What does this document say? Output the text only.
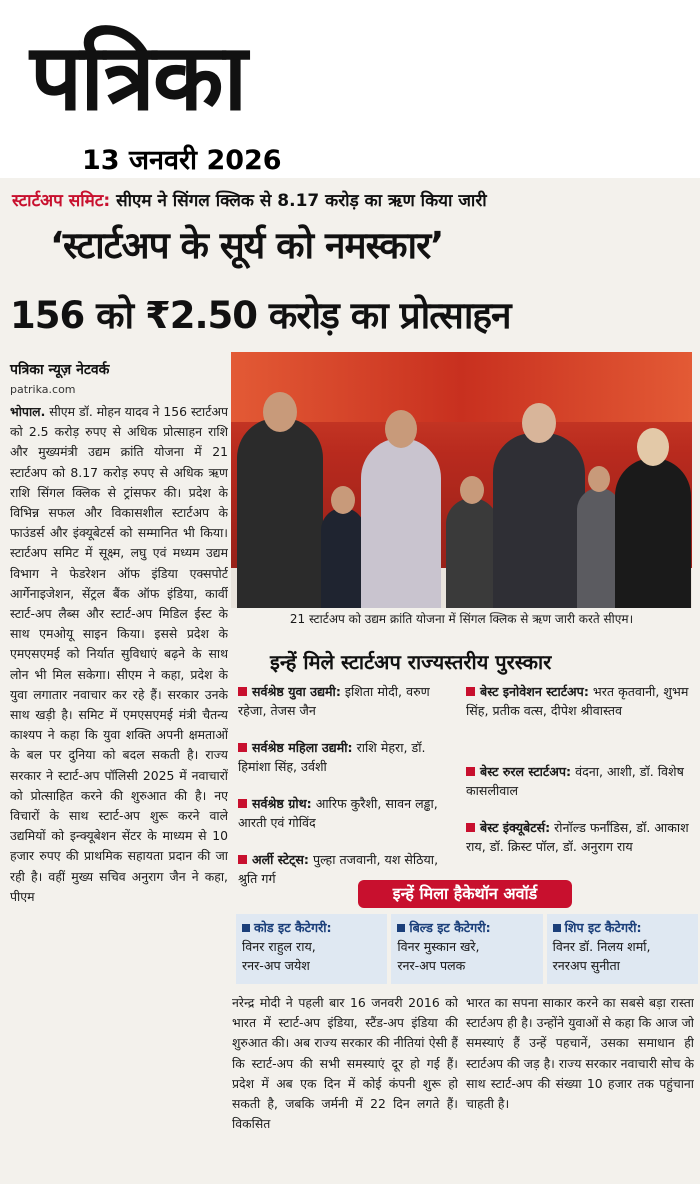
पत्रिका
13 जनवरी 2026
स्टार्टअप समिट: सीएम ने सिंगल क्लिक से 8.17 करोड़ का ऋण किया जारी
‘स्टार्टअप के सूर्य को नमस्कार’
156 को ₹2.50 करोड़ का प्रोत्साहन
पत्रिका न्यूज़ नेटवर्क
patrika.com
भोपाल. सीएम डॉ. मोहन यादव ने 156 स्टार्टअप को 2.5 करोड़ रुपए से अधिक प्रोत्साहन राशि और मुख्यमंत्री उद्यम क्रांति योजना में 21 स्टार्टअप को 8.17 करोड़ रुपए से अधिक ऋण राशि सिंगल क्लिक से ट्रांसफर की। प्रदेश के विभिन्न सफल और विकासशील स्टार्टअप के फाउंडर्स और इंक्यूबेटर्स को सम्मानित भी किया। स्टार्टअप समिट में सूक्ष्म, लघु एवं मध्यम उद्यम विभाग ने फेडरेशन ऑफ इंडिया एक्सपोर्ट आर्गेनाइजेशन, सेंट्रल बैंक ऑफ इंडिया, कार्वी स्टार्ट-अप लैब्स और स्टार्ट-अप मिडिल ईस्ट के साथ एमओयू साइन किया। इससे प्रदेश के एमएसएमई को निर्यात सुविधाएं बढ़ने के साथ लोन भी मिल सकेगा। सीएम ने कहा, प्रदेश के युवा लगातार नवाचार कर रहे हैं। सरकार उनके साथ खड़ी है। समिट में एमएसएमई मंत्री चैतन्य काश्यप ने कहा कि युवा शक्ति अपनी क्षमताओं के बल पर दुनिया को बदल सकती है। राज्य सरकार ने स्टार्ट-अप पॉलिसी 2025 में नवाचारों को प्रोत्साहित करने की शुरुआत की है। नए विचारों के साथ स्टार्ट-अप शुरू करने वाले उद्यमियों को इन्क्यूबेशन सेंटर के माध्यम से 10 हजार रुपए की प्राथमिक सहायता प्रदान की जा रही है। वहीं मुख्य सचिव अनुराग जैन ने कहा, पीएम
21 स्टार्टअप को उद्यम क्रांति योजना में सिंगल क्लिक से ऋण जारी करते सीएम।
इन्हें मिले स्टार्टअप राज्यस्तरीय पुरस्कार
सर्वश्रेष्ठ युवा उद्यमी: इशिता मोदी, वरुण रहेजा, तेजस जैन
सर्वश्रेष्ठ महिला उद्यमी: राशि मेहरा, डॉ. हिमांशा सिंह, उर्वशी
सर्वश्रेष्ठ ग्रोथ: आरिफ कुरैशी, सावन लड्ढा, आरती एवं गोविंद
अर्ली स्टेट्स: पुल्हा तजवानी, यश सेठिया, श्रुति गर्ग
बेस्ट इनोवेशन स्टार्टअप: भरत कृतवानी, शुभम सिंह, प्रतीक वत्स, दीपेश श्रीवास्तव
बेस्ट रुरल स्टार्टअप: वंदना, आशी, डॉ. विशेष कासलीवाल
बेस्ट इंक्यूबेटर्स: रोनॉल्ड फर्नांडिस, डॉ. आकाश राय, डॉ. क्रिस्ट पॉल, डॉ. अनुराग राय
इन्हें मिला हैकेथॉन अवॉर्ड
कोड इट कैटेगरी:
विनर राहुल राय,
रनर-अप जयेश
बिल्ड इट कैटेगरी:
विनर मुस्कान खरे,
रनर-अप पलक
शिप इट कैटेगरी:
विनर डॉ. निलय शर्मा,
रनरअप सुनीता
नरेन्द्र मोदी ने पहली बार 16 जनवरी 2016 को भारत में स्टार्ट-अप इंडिया, स्टैंड-अप इंडिया की शुरुआत की। अब राज्य सरकार की नीतियां ऐसी हैं कि स्टार्ट-अप की सभी समस्याएं दूर हो गई हैं। प्रदेश में अब एक दिन में कोई कंपनी शुरू हो सकती है, जबकि जर्मनी में 22 दिन लगते हैं। विकसित
भारत का सपना साकार करने का सबसे बड़ा रास्ता स्टार्टअप ही है। उन्होंने युवाओं से कहा कि आज जो समस्याएं हैं उन्हें पहचानें, उसका समाधान ही स्टार्टअप की जड़ है। राज्य सरकार नवाचारी सोच के साथ स्टार्ट-अप की संख्या 10 हजार तक पहुंचाना चाहती है।
